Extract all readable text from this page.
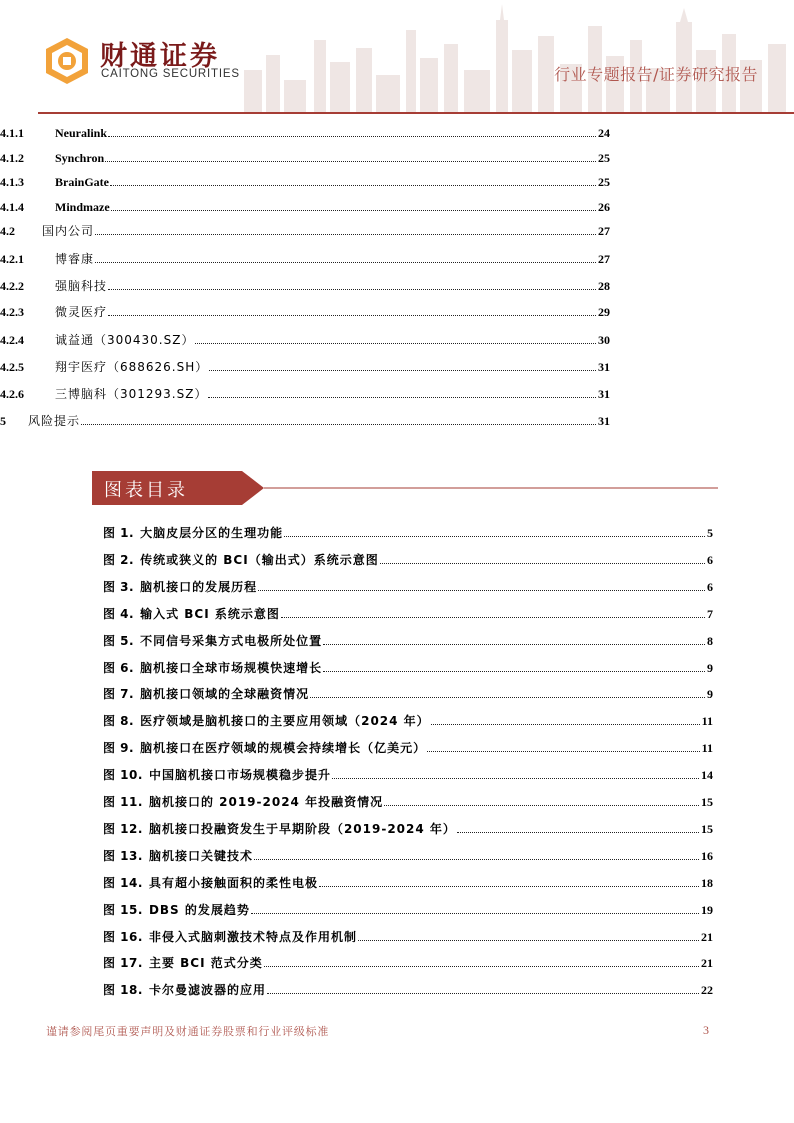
财通证券
CAITONG SECURITIES	行业专题报告/证券研究报告
4.1.1	Neuralink	24
4.1.2	Synchron	25
4.1.3	BrainGate	25
4.1.4	Mindmaze	26
4.2	国内公司	27
4.2.1	博睿康	27
4.2.2	强脑科技	28
4.2.3	微灵医疗	29
4.2.4	诚益通（300430.SZ）	30
4.2.5	翔宇医疗（688626.SH）	31
4.2.6	三博脑科（301293.SZ）	31
5	风险提示	31
图表目录
图 1. 大脑皮层分区的生理功能	5
图 2. 传统或狭义的 BCI（输出式）系统示意图	6
图 3. 脑机接口的发展历程	6
图 4. 输入式 BCI 系统示意图	7
图 5. 不同信号采集方式电极所处位置	8
图 6. 脑机接口全球市场规模快速增长	9
图 7. 脑机接口领域的全球融资情况	9
图 8. 医疗领域是脑机接口的主要应用领域（2024 年）	11
图 9. 脑机接口在医疗领域的规模会持续增长（亿美元）	11
图 10. 中国脑机接口市场规模稳步提升	14
图 11. 脑机接口的 2019-2024 年投融资情况	15
图 12. 脑机接口投融资发生于早期阶段（2019-2024 年）	15
图 13. 脑机接口关键技术	16
图 14. 具有超小接触面积的柔性电极	18
图 15. DBS 的发展趋势	19
图 16. 非侵入式脑刺激技术特点及作用机制	21
图 17. 主要 BCI 范式分类	21
图 18. 卡尔曼滤波器的应用	22
谨请参阅尾页重要声明及财通证券股票和行业评级标准	3
